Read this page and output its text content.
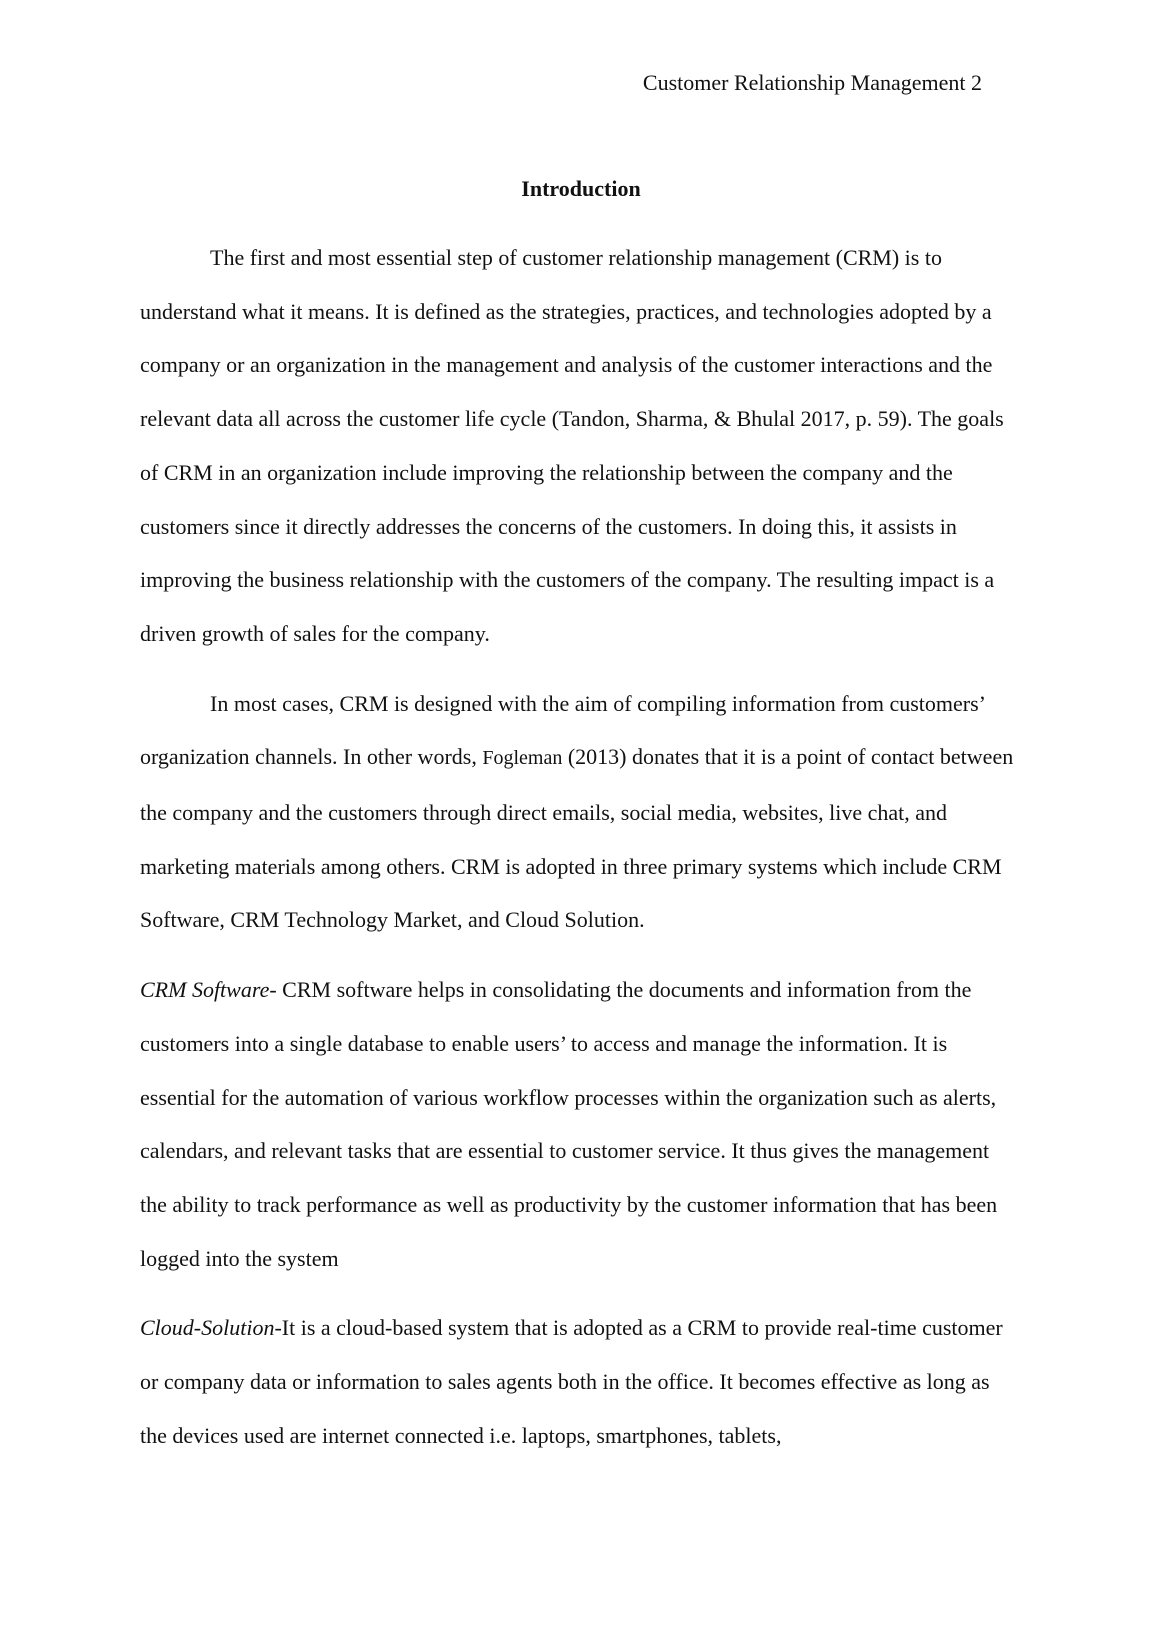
Customer Relationship Management 2
Introduction

The first and most essential step of customer relationship management (CRM) is to understand what it means. It is defined as the strategies, practices, and technologies adopted by a company or an organization in the management and analysis of the customer interactions and the relevant data all across the customer life cycle (Tandon, Sharma, & Bhulal 2017, p. 59). The goals of CRM in an organization include improving the relationship between the company and the customers since it directly addresses the concerns of the customers. In doing this, it assists in improving the business relationship with the customers of the company. The resulting impact is a driven growth of sales for the company.

In most cases, CRM is designed with the aim of compiling information from customers’ organization channels. In other words, Fogleman (2013) donates that it is a point of contact between the company and the customers through direct emails, social media, websites, live chat, and marketing materials among others. CRM is adopted in three primary systems which include CRM Software, CRM Technology Market, and Cloud Solution.

CRM Software- CRM software helps in consolidating the documents and information from the customers into a single database to enable users’ to access and manage the information. It is essential for the automation of various workflow processes within the organization such as alerts, calendars, and relevant tasks that are essential to customer service. It thus gives the management the ability to track performance as well as productivity by the customer information that has been logged into the system

Cloud-Solution-It is a cloud-based system that is adopted as a CRM to provide real-time customer or company data or information to sales agents both in the office. It becomes effective as long as the devices used are internet connected i.e. laptops, smartphones, tablets,
